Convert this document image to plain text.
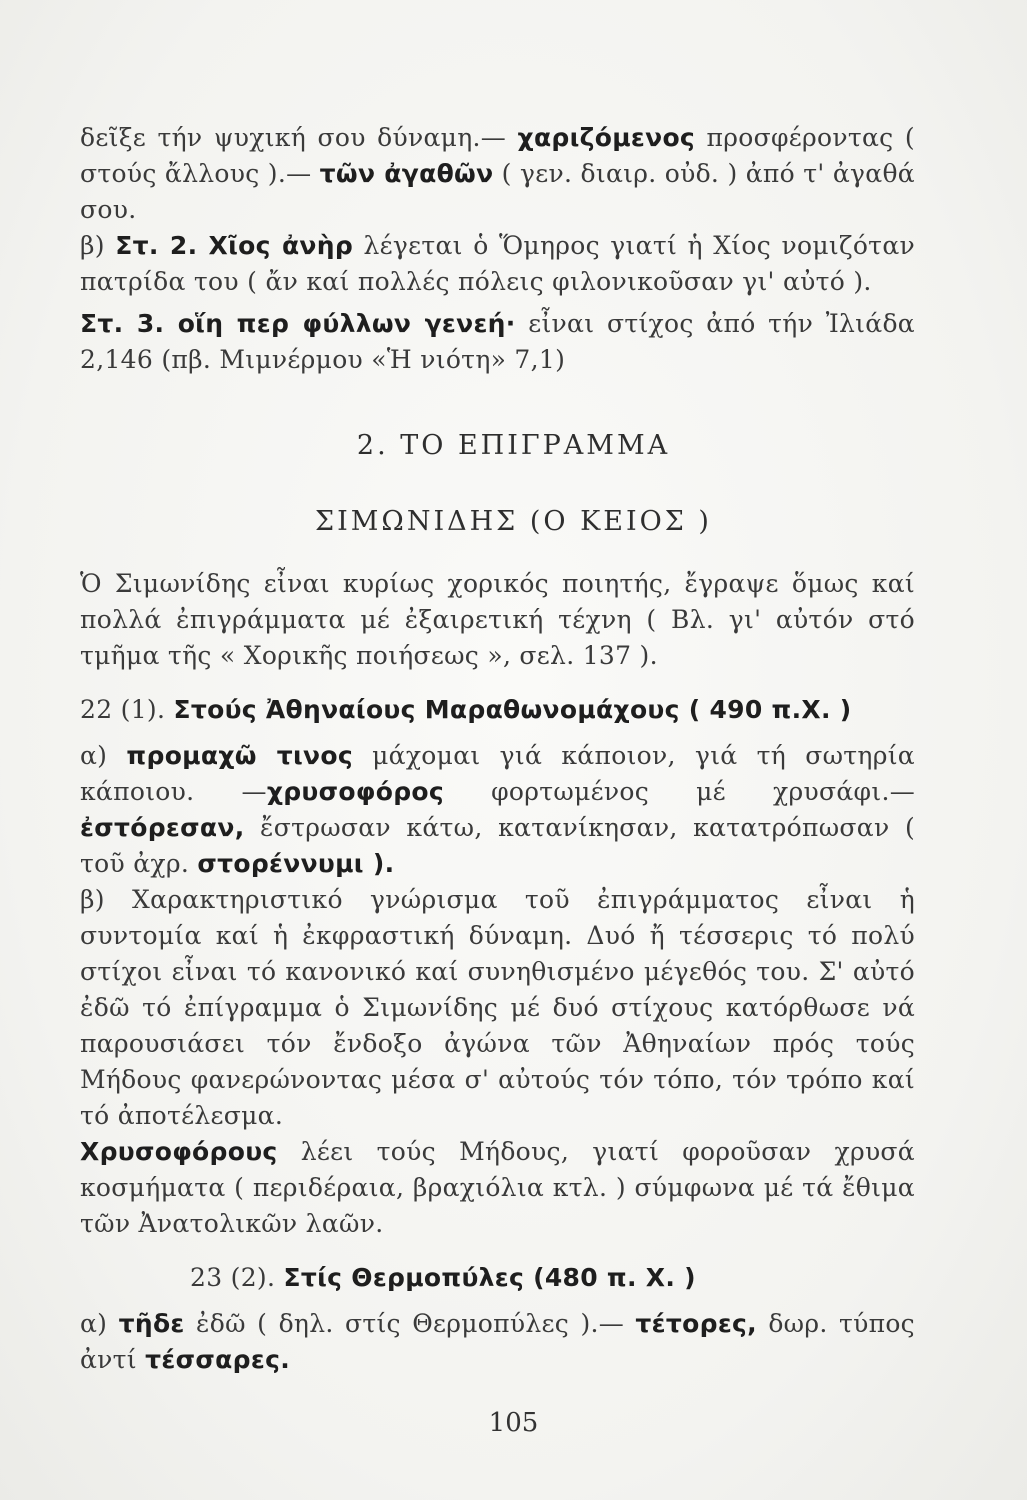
δεῖξε τήν ψυχική σου δύναμη.— χαριζόμενος προσφέροντας ( στούς ἄλλους ).— τῶν ἀγαθῶν ( γεν. διαιρ. οὐδ. ) ἀπό τ' ἀγαθά σου.

β) Στ. 2. Χῖος ἀνὴρ λέγεται ὁ Ὅμηρος γιατί ἡ Χίος νομιζόταν πατρίδα του ( ἄν καί πολλές πόλεις φιλονικοῦσαν γι' αὐτό ).

Στ. 3. οἵη περ φύλλων γενεή· εἶναι στίχος ἀπό τήν Ἰλιάδα 2,146 (πβ. Μιμνέρμου «Ἡ νιότη» 7,1)

2. ΤΟ ΕΠΙΓΡΑΜΜΑ
ΣΙΜΩΝΙΔΗΣ (Ο ΚΕΙΟΣ )

Ὁ Σιμωνίδης εἶναι κυρίως χορικός ποιητής, ἔγραψε ὅμως καί πολλά ἐπιγράμματα μέ ἐξαιρετική τέχνη ( Βλ. γι' αὐτόν στό τμῆμα τῆς « Χορικῆς ποιήσεως », σελ. 137 ).

22 (1). Στούς Ἀθηναίους Μαραθωνομάχους ( 490 π.Χ. )

α) προμαχῶ τινος μάχομαι γιά κάποιον, γιά τή σωτηρία κάποιου. —χρυσοφόρος φορτωμένος μέ χρυσάφι.— ἐστόρεσαν, ἔστρωσαν κάτω, κατανίκησαν, κατατρόπωσαν ( τοῦ ἀχρ. στορέννυμι ).

β) Χαρακτηριστικό γνώρισμα τοῦ ἐπιγράμματος εἶναι ἡ συντομία καί ἡ ἐκφραστική δύναμη. Δυό ἤ τέσσερις τό πολύ στίχοι εἶναι τό κανονικό καί συνηθισμένο μέγεθός του. Σ' αὐτό ἐδῶ τό ἐπίγραμμα ὁ Σιμωνίδης μέ δυό στίχους κατόρθωσε νά παρουσιάσει τόν ἔνδοξο ἀγώνα τῶν Ἀθηναίων πρός τούς Μήδους φανερώνοντας μέσα σ' αὐτούς τόν τόπο, τόν τρόπο καί τό ἀποτέλεσμα.

Χρυσοφόρους λέει τούς Μήδους, γιατί φοροῦσαν χρυσά κοσμήματα ( περιδέραια, βραχιόλια κτλ. ) σύμφωνα μέ τά ἔθιμα τῶν Ἀνατολικῶν λαῶν.

23 (2). Στίς Θερμοπύλες (480 π. Χ. )

α) τῆδε ἐδῶ ( δηλ. στίς Θερμοπύλες ).— τέτορες, δωρ. τύπος ἀντί τέσσαρες.

105
